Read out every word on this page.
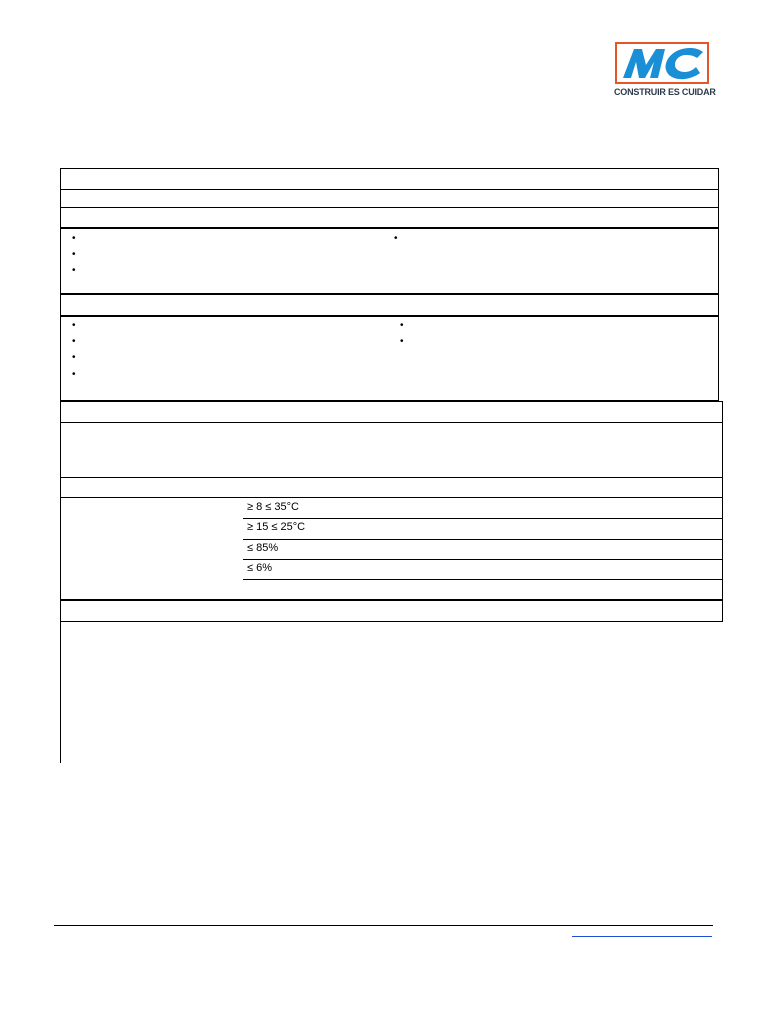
CONSTRUIR ES CUIDAR
•
•
•
•
•
•
•
•
•
•
≥ 8 ≤ 35°C
≥ 15 ≤ 25°C
≤ 85%
≤ 6%
